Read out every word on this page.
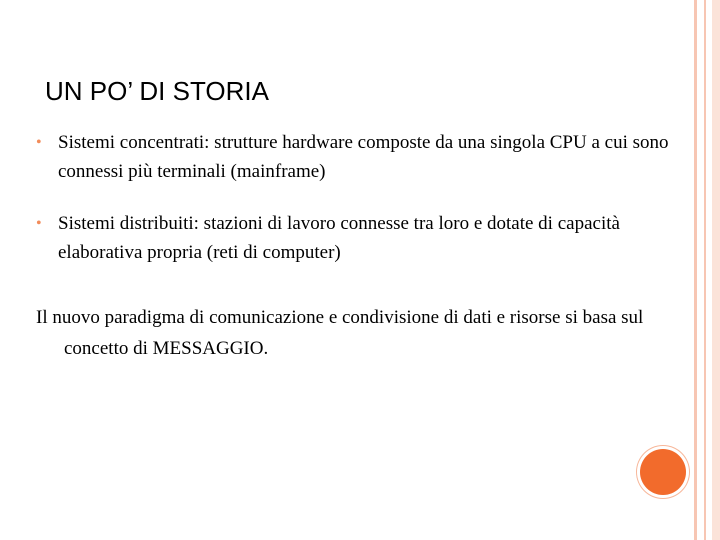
UN PO’ DI STORIA
• Sistemi concentrati: strutture hardware composte da una singola CPU a cui sono connessi più terminali (mainframe)
• Sistemi distribuiti: stazioni di lavoro connesse tra loro e dotate di capacità elaborativa propria (reti di computer)

Il nuovo paradigma di comunicazione e condivisione di dati e risorse si basa sul concetto di MESSAGGIO.
